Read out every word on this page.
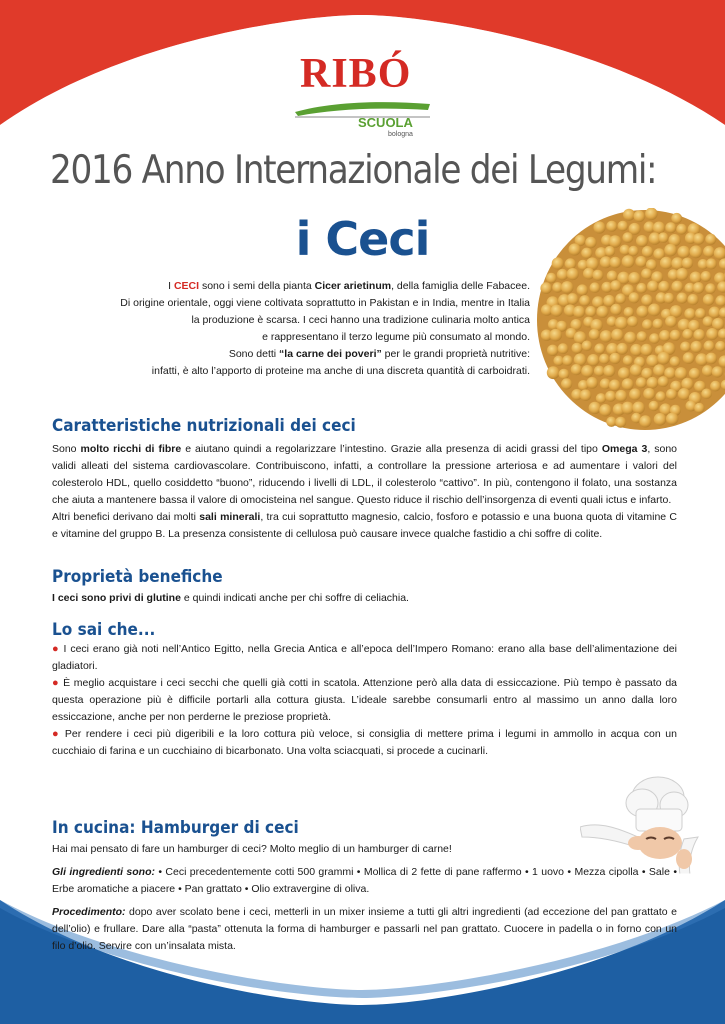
RIBÓ
SCUOLA
bologna
2016 Anno Internazionale dei Legumi:
i Ceci
I CECI sono i semi della pianta Cicer arietinum, della famiglia delle Fabacee.
Di origine orientale, oggi viene coltivata soprattutto in Pakistan e in India, mentre in Italia
la produzione è scarsa. I ceci hanno una tradizione culinaria molto antica
e rappresentano il terzo legume più consumato al mondo.
Sono detti “la carne dei poveri” per le grandi proprietà nutritive:
infatti, è alto l’apporto di proteine ma anche di una discreta quantità di carboidrati.
Caratteristiche nutrizionali dei ceci
Sono molto ricchi di fibre e aiutano quindi a regolarizzare l’intestino. Grazie alla presenza di acidi grassi del tipo Omega 3, sono validi alleati del sistema cardiovascolare. Contribuiscono, infatti, a controllare la pressione arteriosa e ad aumentare i valori del colesterolo HDL, quello cosiddetto “buono”, riducendo i livelli di LDL, il colesterolo “cattivo”. In più, contengono il folato, una sostanza che aiuta a mantenere bassa il valore di omocisteina nel sangue. Questo riduce il rischio dell’insorgenza di eventi quali ictus e infarto.
Altri benefici derivano dai molti sali minerali, tra cui soprattutto magnesio, calcio, fosforo e potassio e una buona quota di vitamine C e vitamine del gruppo B. La presenza consistente di cellulosa può causare invece qualche fastidio a chi soffre di colite.
Proprietà benefiche
I ceci sono privi di glutine e quindi indicati anche per chi soffre di celiachia.
Lo sai che...
● I ceci erano già noti nell’Antico Egitto, nella Grecia Antica e all’epoca dell’Impero Romano: erano alla base dell’alimentazione dei gladiatori.
● È meglio acquistare i ceci secchi che quelli già cotti in scatola. Attenzione però alla data di essiccazione. Più tempo è passato da questa operazione più è difficile portarli alla cottura giusta. L’ideale sarebbe consumarli entro al massimo un anno dalla loro essiccazione, anche per non perderne le preziose proprietà.
● Per rendere i ceci più digeribili e la loro cottura più veloce, si consiglia di mettere prima i legumi in ammollo in acqua con un cucchiaio di farina e un cucchiaino di bicarbonato. Una volta sciacquati, si procede a cucinarli.
In cucina: Hamburger di ceci
Hai mai pensato di fare un hamburger di ceci? Molto meglio di un hamburger di carne!
Gli ingredienti sono: • Ceci precedentemente cotti 500 grammi • Mollica di 2 fette di pane raffermo • 1 uovo • Mezza cipolla • Sale • Erbe aromatiche a piacere • Pan grattato • Olio extravergine di oliva.
Procedimento: dopo aver scolato bene i ceci, metterli in un mixer insieme a tutti gli altri ingredienti (ad eccezione del pan grattato e dell’olio) e frullare. Dare alla “pasta” ottenuta la forma di hamburger e passarli nel pan grattato. Cuocere in padella o in forno con un filo d’olio. Servire con un’insalata mista.
